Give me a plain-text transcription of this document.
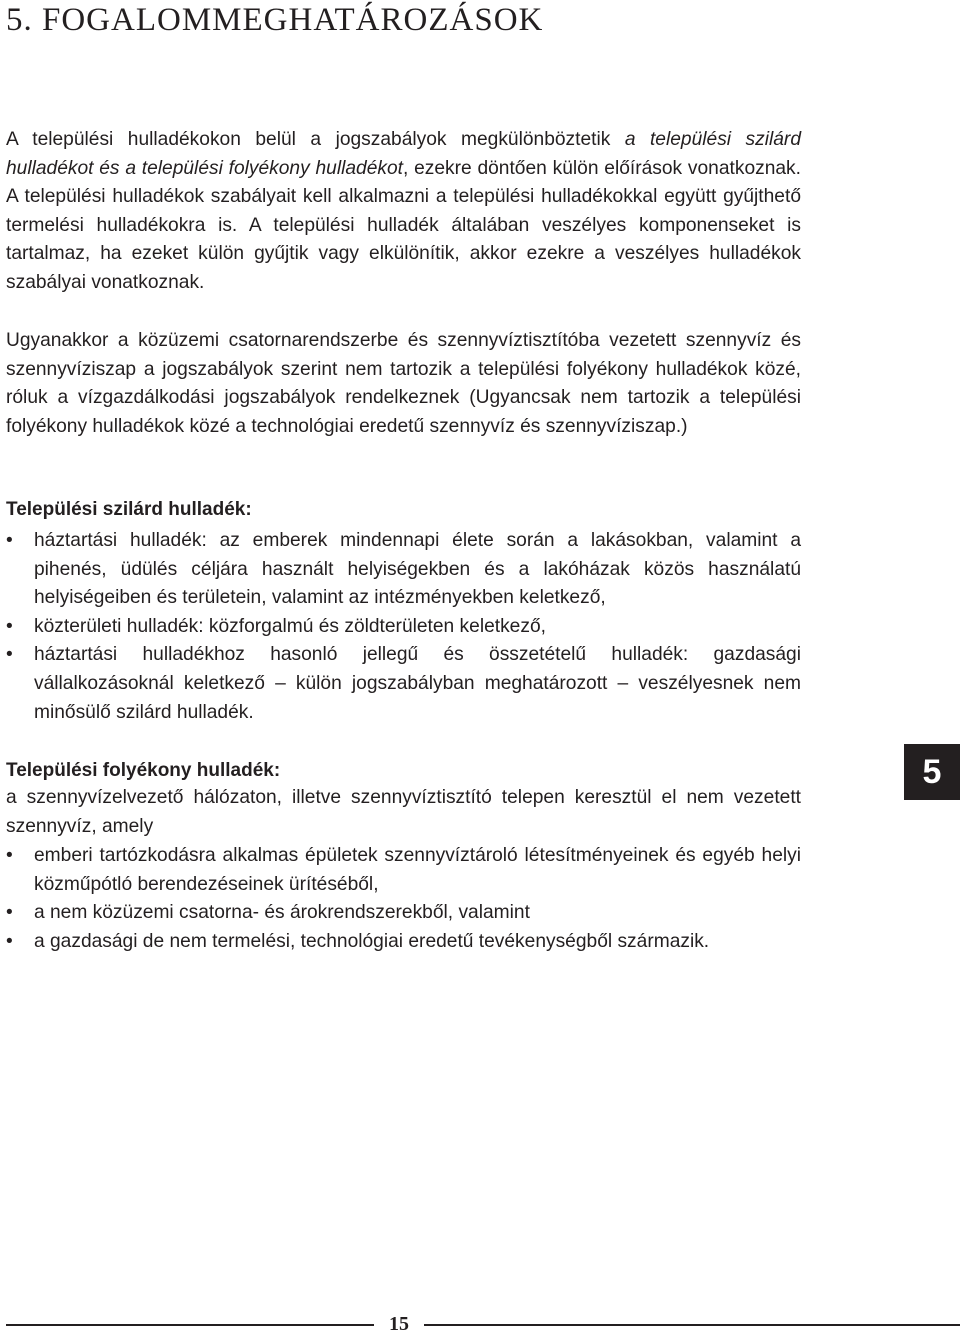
5. FOGALOMMEGHATÁROZÁSOK

A települési hulladékokon belül a jogszabályok megkülönböztetik a települési szilárd hulladékot és a települési folyékony hulladékot, ezekre döntően külön előírások vonatkoznak. A települési hulladékok szabályait kell alkalmazni a települési hulladékokkal együtt gyűjthető termelési hulladékokra is. A települési hulladék általában veszélyes komponenseket is tartalmaz, ha ezeket külön gyűjtik vagy elkülönítik, akkor ezekre a veszélyes hulladékok szabályai vonatkoznak.

Ugyanakkor a közüzemi csatornarendszerbe és szennyvíztisztítóba vezetett szennyvíz és szennyvíziszap a jogszabályok szerint nem tartozik a települési folyékony hulladékok közé, róluk a vízgazdálkodási jogszabályok rendelkeznek (Ugyancsak nem tartozik a települési folyékony hulladékok közé a technológiai eredetű szennyvíz és szennyvíziszap.)

Települési szilárd hulladék:
•	háztartási hulladék: az emberek mindennapi élete során a lakásokban, valamint a pihenés, üdülés céljára használt helyiségekben és a lakóházak közös használatú helyiségeiben és területein, valamint az intézményekben keletkező,
•	közterületi hulladék: közforgalmú és zöldterületen keletkező,
•	háztartási hulladékhoz hasonló jellegű és összetételű hulladék: gazdasági vállalkozásoknál keletkező – külön jogszabályban meghatározott – veszélyesnek nem minősülő szilárd hulladék.
Települési folyékony hulladék:

a szennyvízelvezető hálózaton, illetve szennyvíztisztító telepen keresztül el nem vezetett szennyvíz, amely

•	emberi tartózkodásra alkalmas épületek szennyvíztároló létesítményeinek és egyéb helyi közműpótló berendezéseinek ürítéséből,
•	a nem közüzemi csatorna- és árokrendszerekből, valamint
•	a gazdasági de nem termelési, technológiai eredetű tevékenységből származik.
5
15
